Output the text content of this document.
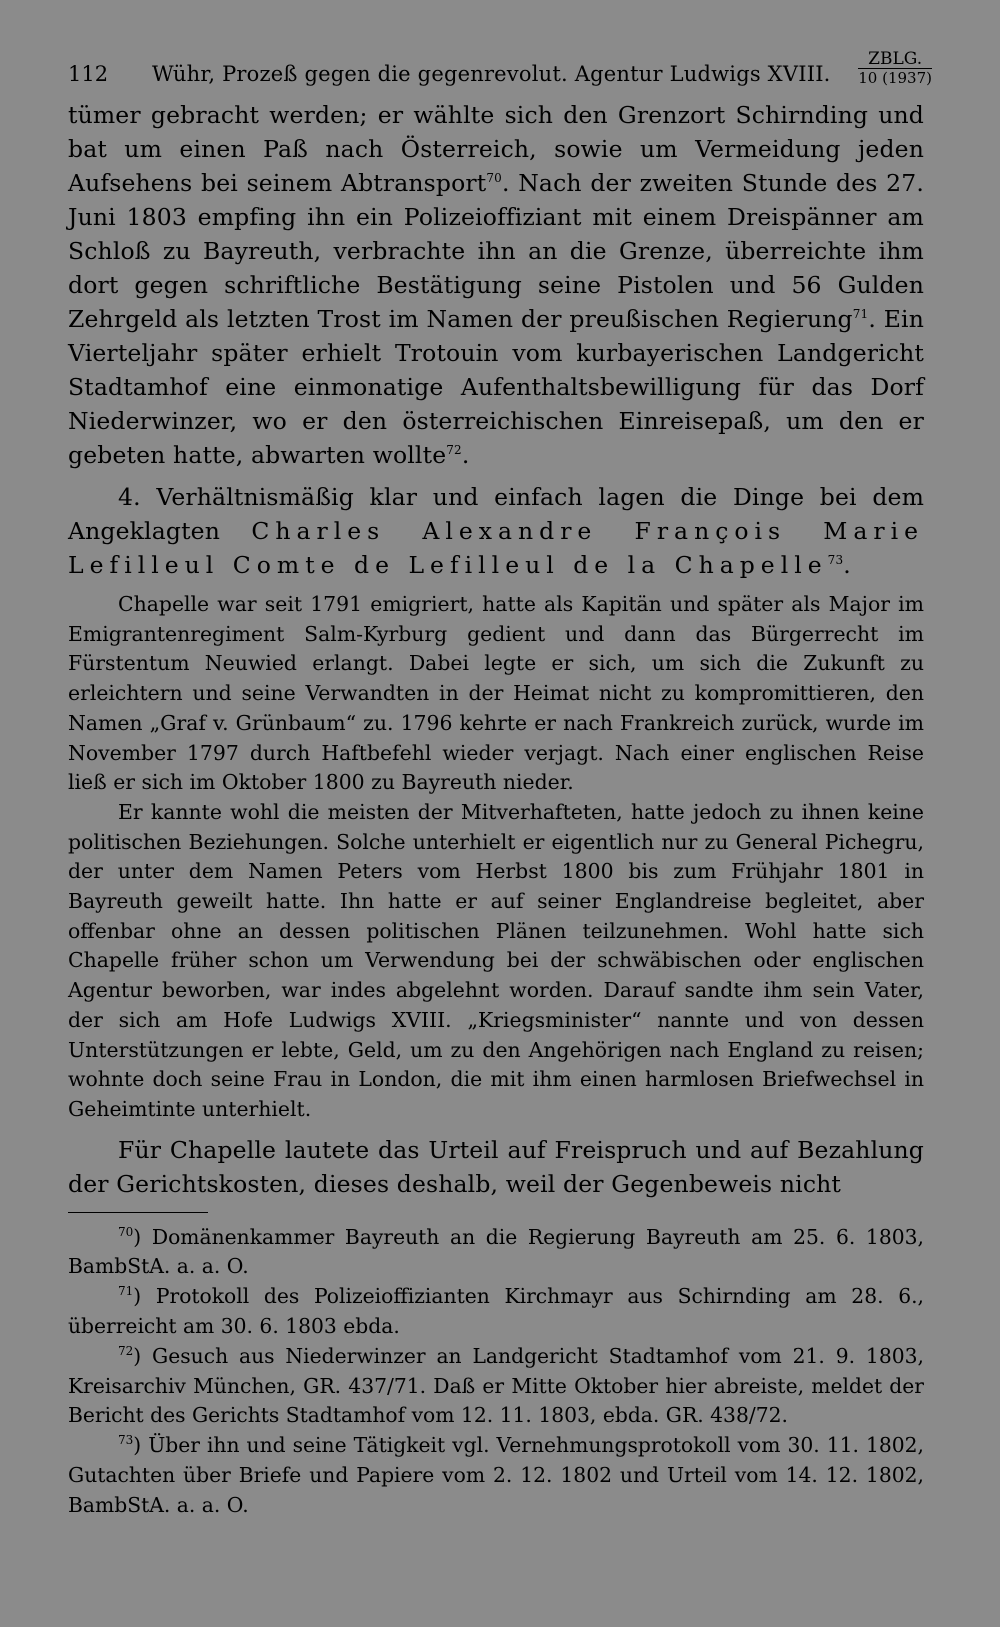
112 Wühr, Prozeß gegen die gegenrevolut. Agentur Ludwigs XVIII.
ZBLG.
10 (1937)

tümer gebracht werden; er wählte sich den Grenzort Schirnding und bat um einen Paß nach Österreich, sowie um Vermeidung jeden Aufsehens bei seinem Abtransport$^{70}$. Nach der zweiten Stunde des 27. Juni 1803 empfing ihn ein Polizeioffiziant mit einem Dreispänner am Schloß zu Bayreuth, verbrachte ihn an die Grenze, überreichte ihm dort gegen schriftliche Bestätigung seine Pistolen und 56 Gulden Zehrgeld als letzten Trost im Namen der preußischen Regierung$^{71}$. Ein Vierteljahr später erhielt Trotouin vom kurbayerischen Landgericht Stadtamhof eine einmonatige Aufenthaltsbewilligung für das Dorf Niederwinzer, wo er den österreichischen Einreisepaß, um den er gebeten hatte, abwarten wollte$^{72}$.

4. Verhältnismäßig klar und einfach lagen die Dinge bei dem Angeklagten Charles Alexandre François Marie Lefilleul Comte de Lefilleul de la Chapelle$^{73}$.

Chapelle war seit 1791 emigriert, hatte als Kapitän und später als Major im Emigrantenregiment Salm-Kyrburg gedient und dann das Bürgerrecht im Fürstentum Neuwied erlangt. Dabei legte er sich, um sich die Zukunft zu erleichtern und seine Verwandten in der Heimat nicht zu kompromittieren, den Namen „Graf v. Grünbaum“ zu. 1796 kehrte er nach Frankreich zurück, wurde im November 1797 durch Haftbefehl wieder verjagt. Nach einer englischen Reise ließ er sich im Oktober 1800 zu Bayreuth nieder.

Er kannte wohl die meisten der Mitverhafteten, hatte jedoch zu ihnen keine politischen Beziehungen. Solche unterhielt er eigentlich nur zu General Pichegru, der unter dem Namen Peters vom Herbst 1800 bis zum Frühjahr 1801 in Bayreuth geweilt hatte. Ihn hatte er auf seiner Englandreise begleitet, aber offenbar ohne an dessen politischen Plänen teilzunehmen. Wohl hatte sich Chapelle früher schon um Verwendung bei der schwäbischen oder englischen Agentur beworben, war indes abgelehnt worden. Darauf sandte ihm sein Vater, der sich am Hofe Ludwigs XVIII. „Kriegsminister“ nannte und von dessen Unterstützungen er lebte, Geld, um zu den Angehörigen nach England zu reisen; wohnte doch seine Frau in London, die mit ihm einen harmlosen Briefwechsel in Geheimtinte unterhielt.

Für Chapelle lautete das Urteil auf Freispruch und auf Bezahlung der Gerichtskosten, dieses deshalb, weil der Gegenbeweis nicht

$^{70}$) Domänenkammer Bayreuth an die Regierung Bayreuth am 25. 6. 1803, BambStA. a. a. O.

$^{71}$) Protokoll des Polizeioffizianten Kirchmayr aus Schirnding am 28. 6., überreicht am 30. 6. 1803 ebda.

$^{72}$) Gesuch aus Niederwinzer an Landgericht Stadtamhof vom 21. 9. 1803, Kreisarchiv München, GR. 437/71. Daß er Mitte Oktober hier abreiste, meldet der Bericht des Gerichts Stadtamhof vom 12. 11. 1803, ebda. GR. 438/72.

$^{73}$) Über ihn und seine Tätigkeit vgl. Vernehmungsprotokoll vom 30. 11. 1802, Gutachten über Briefe und Papiere vom 2. 12. 1802 und Urteil vom 14. 12. 1802, BambStA. a. a. O.
